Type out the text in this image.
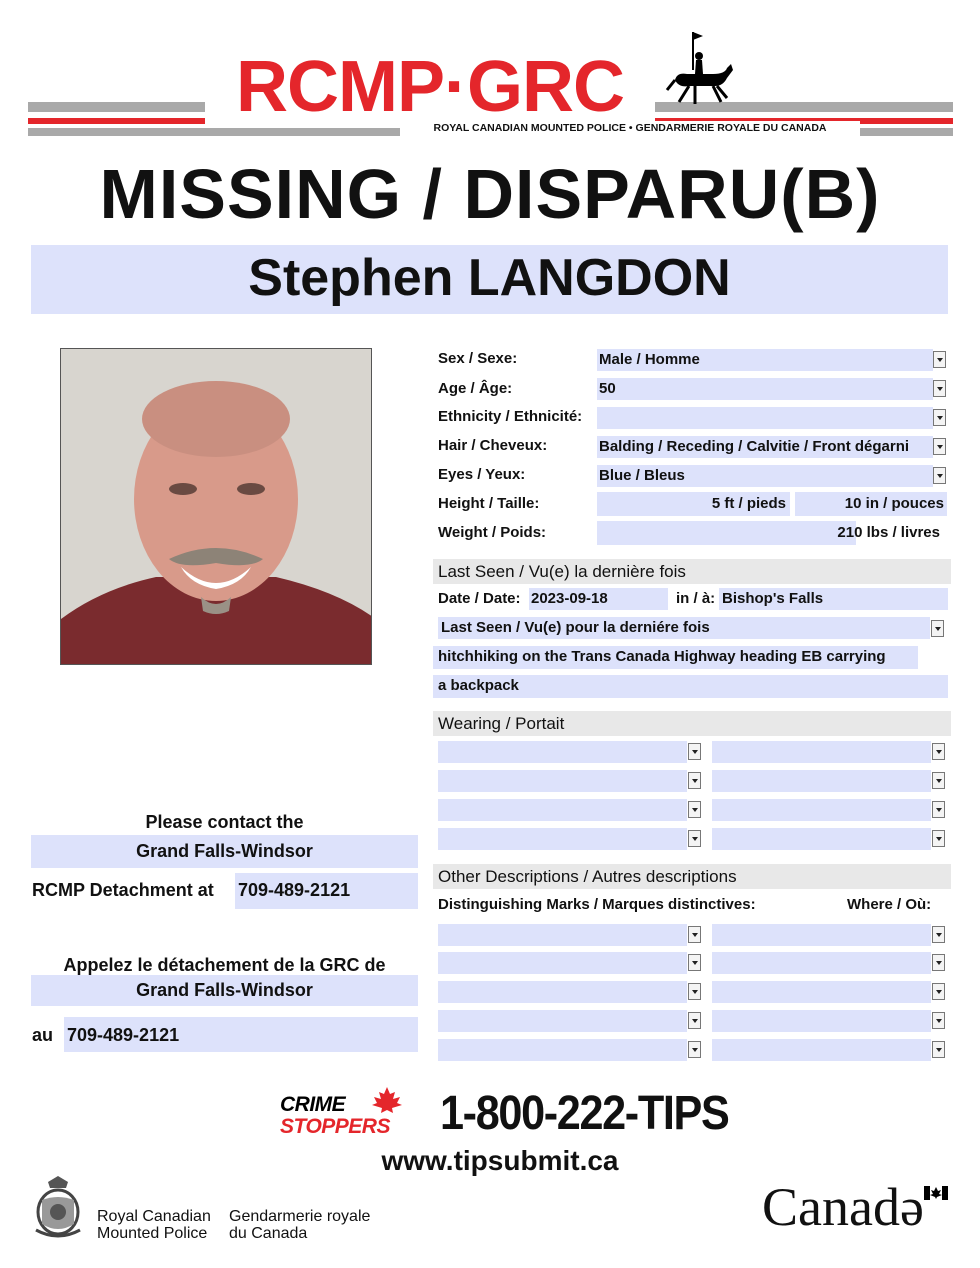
RCMP·GRC
ROYAL CANADIAN MOUNTED POLICE • GENDARMERIE ROYALE DU CANADA
MISSING / DISPARU(B)
Stephen LANGDON
Sex / Sexe:	Male / Homme
Age / Âge:	50
Ethnicity / Ethnicité:
Hair / Cheveux:	Balding / Receding / Calvitie / Front dégarni
Eyes / Yeux:	Blue / Bleus
Height / Taille:	5 ft / pieds	10 in / pouces
Weight / Poids:	210 lbs / livres
Last Seen / Vu(e) la dernière fois
Date / Date: 2023-09-18	in / à: Bishop's Falls
Last Seen / Vu(e) pour la derniére fois
hitchhiking on the Trans Canada Highway heading EB carrying
a backpack
Wearing / Portait
Other Descriptions / Autres descriptions
Distinguishing Marks / Marques distinctives:	Where / Où:
Please contact the
Grand Falls-Windsor
RCMP Detachment at 709-489-2121
Appelez le détachement de la GRC de
Grand Falls-Windsor
au 709-489-2121
CRIME
STOPPERS 1-800-222-TIPS
www.tipsubmit.ca
Royal Canadian
Mounted Police
Gendarmerie royale
du Canada	Canadə
